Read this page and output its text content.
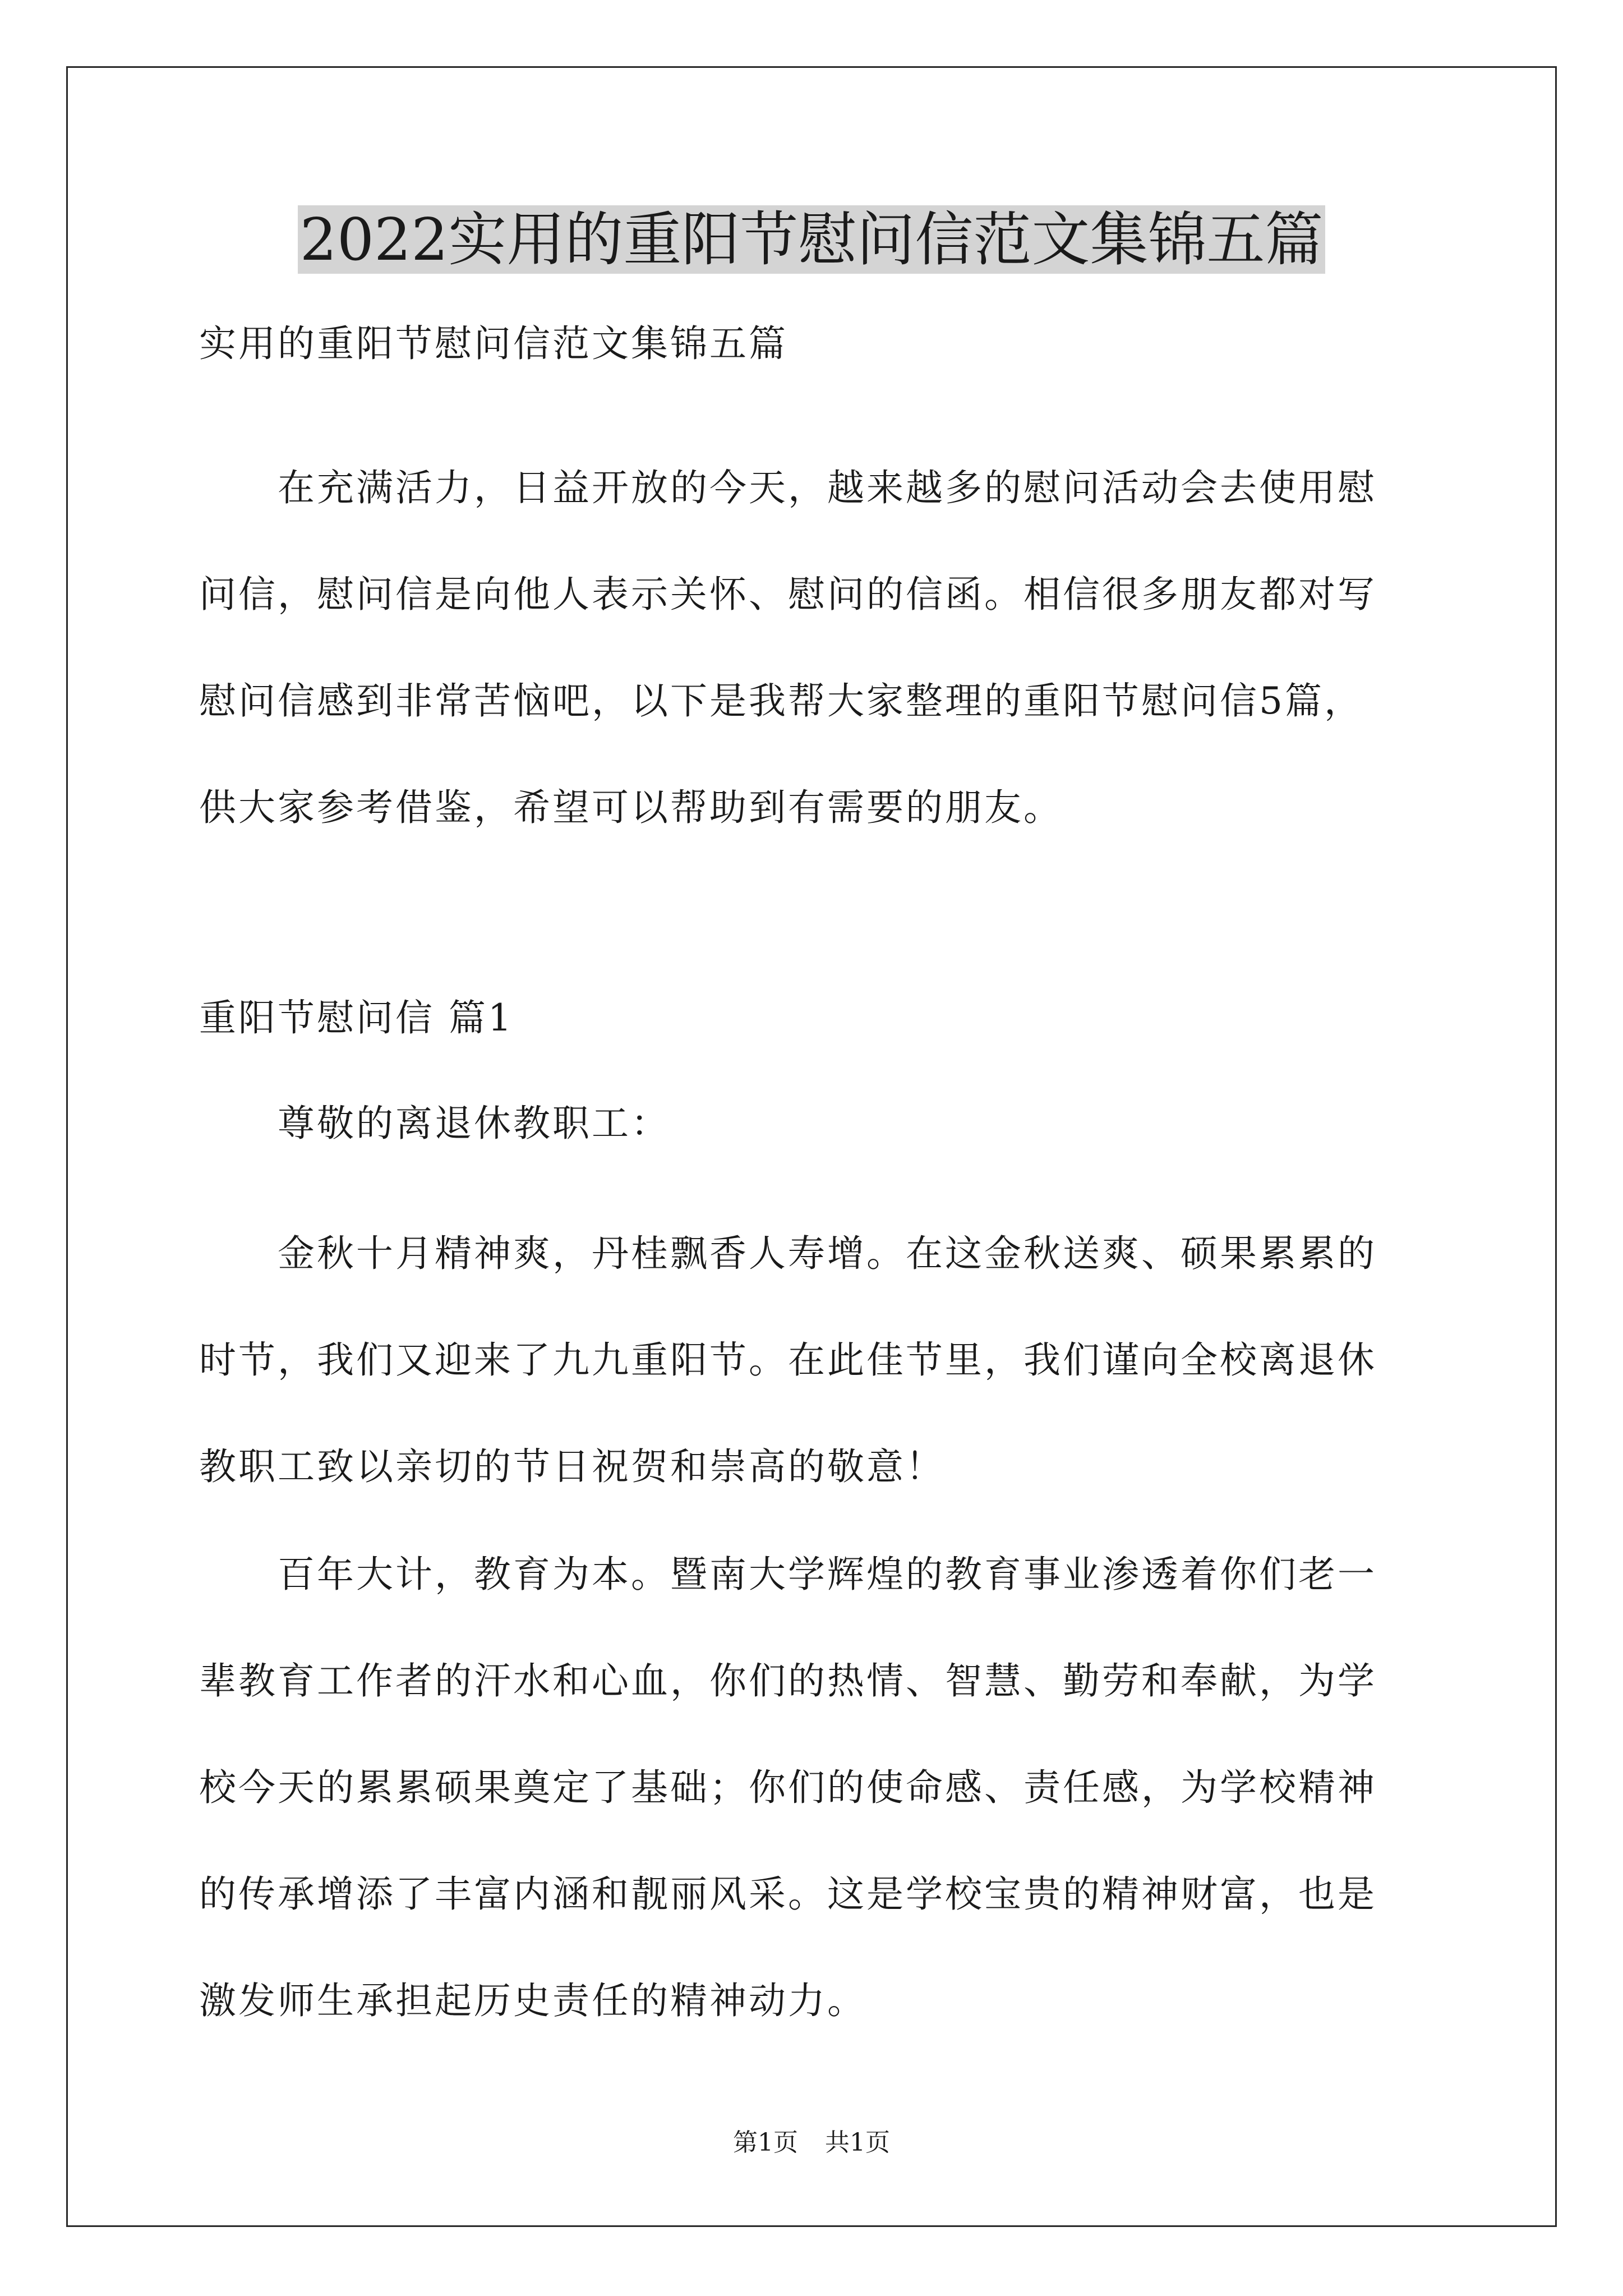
2022实用的重阳节慰问信范文集锦五篇
实用的重阳节慰问信范文集锦五篇
　　在充满活力，日益开放的今天，越来越多的慰问活动会去使用慰
问信，慰问信是向他人表示关怀、慰问的信函。相信很多朋友都对写
慰问信感到非常苦恼吧，以下是我帮大家整理的重阳节慰问信5篇，
供大家参考借鉴，希望可以帮助到有需要的朋友。
重阳节慰问信 篇1
　　尊敬的离退休教职工：
　　金秋十月精神爽，丹桂飘香人寿增。在这金秋送爽、硕果累累的
时节，我们又迎来了九九重阳节。在此佳节里，我们谨向全校离退休
教职工致以亲切的节日祝贺和崇高的敬意！
　　百年大计，教育为本。暨南大学辉煌的教育事业渗透着你们老一
辈教育工作者的汗水和心血，你们的热情、智慧、勤劳和奉献，为学
校今天的累累硕果奠定了基础；你们的使命感、责任感，为学校精神
的传承增添了丰富内涵和靓丽风采。这是学校宝贵的精神财富，也是
激发师生承担起历史责任的精神动力。
第1页 共1页
